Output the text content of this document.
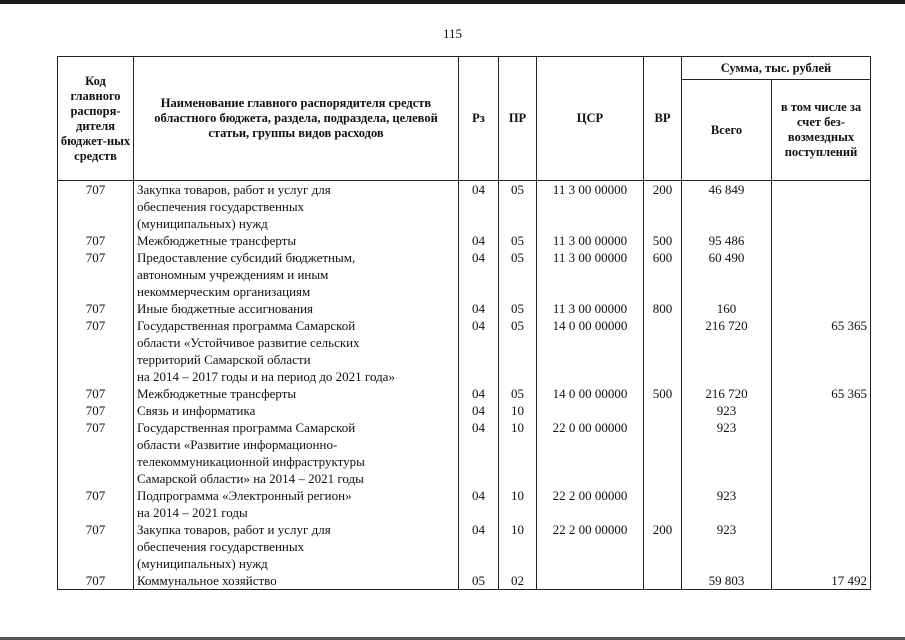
115
Код главного распоря-дителя бюджет-ных средств	Наименование главного распорядителя средств областного бюджета, раздела, подраздела, целевой статьи, группы видов расходов	Рз	ПР	ЦСР	ВР	Сумма, тыс. рублей	
						Всего	в том числе за счет без-возмездных поступлений
707	Закупка товаров, работ и услуг для
обеспечения государственных
(муниципальных) нужд	04	05	11 3 00 00000	200	46 849	
707	Межбюджетные трансферты	04	05	11 3 00 00000	500	95 486	
707	Предоставление субсидий бюджетным,
автономным учреждениям и иным
некоммерческим организациям	04	05	11 3 00 00000	600	60 490	
707	Иные бюджетные ассигнования	04	05	11 3 00 00000	800	160	
707	Государственная программа Самарской
области «Устойчивое развитие сельских
территорий Самарской области
на 2014 – 2017 годы и на период до 2021 года»	04	05	14 0 00 00000		216 720	65 365
707	Межбюджетные трансферты	04	05	14 0 00 00000	500	216 720	65 365
707	Связь и информатика	04	10			923	
707	Государственная программа Самарской
области «Развитие информационно-
телекоммуникационной инфраструктуры
Самарской области» на 2014 – 2021 годы	04	10	22 0 00 00000		923	
707	Подпрограмма «Электронный регион»
на 2014 – 2021 годы	04	10	22 2 00 00000		923	
707	Закупка товаров, работ и услуг для
обеспечения государственных
(муниципальных) нужд	04	10	22 2 00 00000	200	923	
707	Коммунальное хозяйство	05	02			59 803	17 492
